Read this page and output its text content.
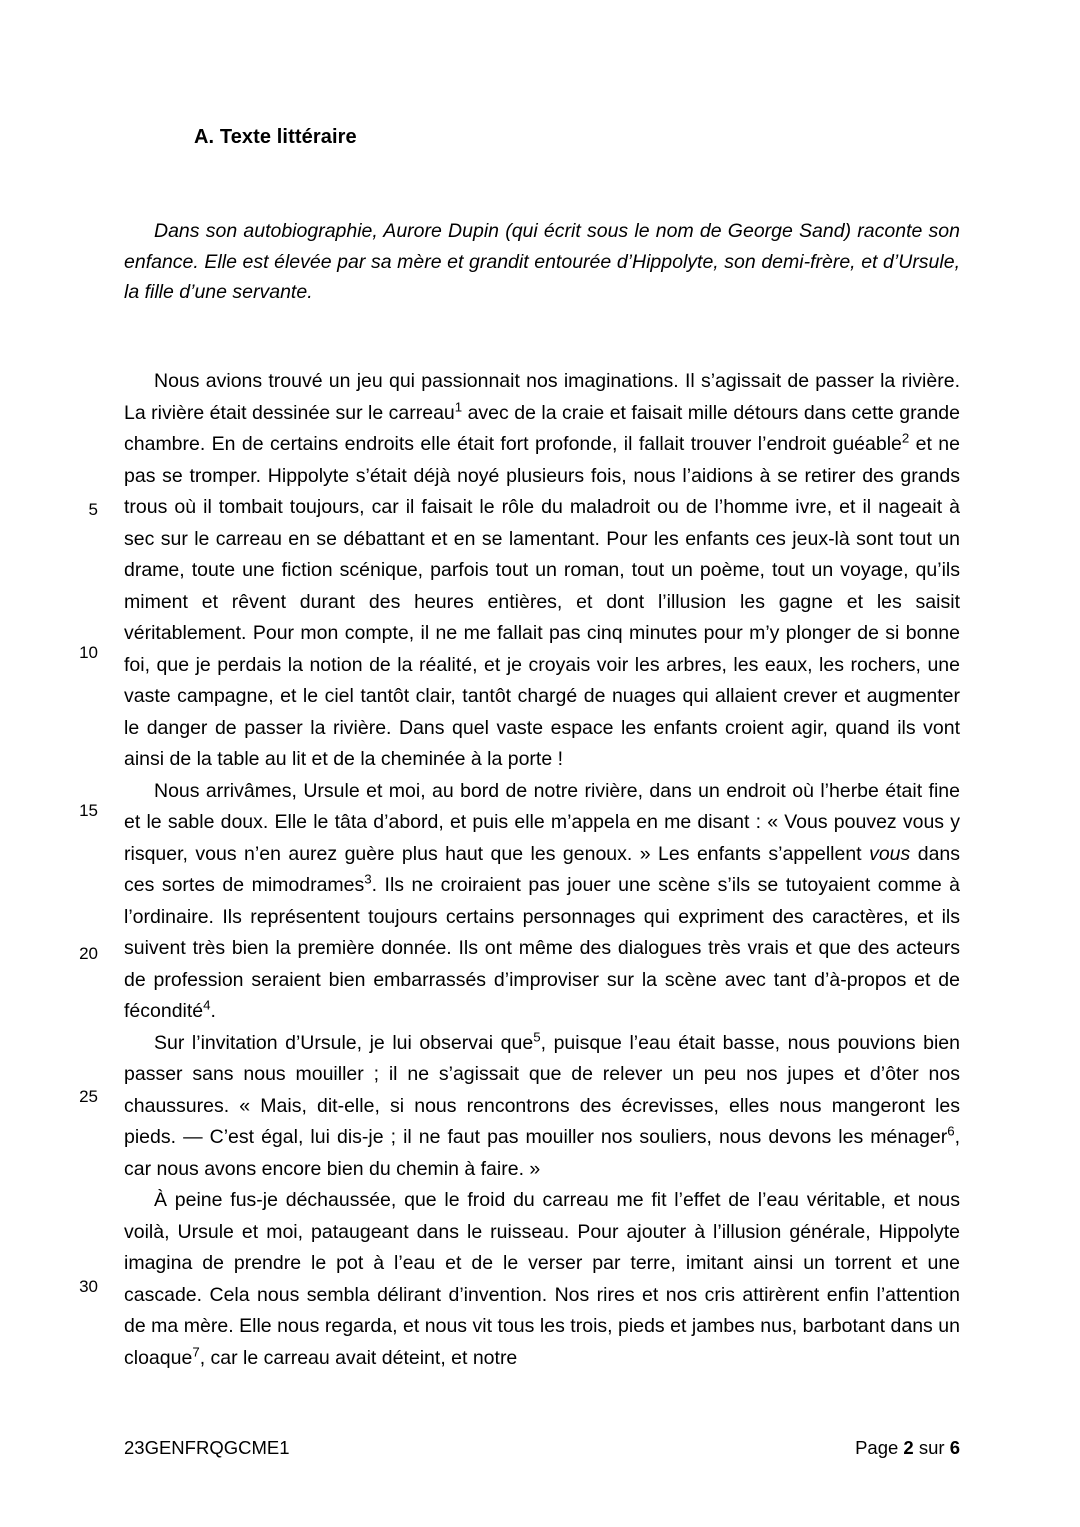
A. Texte littéraire
Dans son autobiographie, Aurore Dupin (qui écrit sous le nom de George Sand) raconte son enfance. Elle est élevée par sa mère et grandit entourée d’Hippolyte, son demi-frère, et d’Ursule, la fille d’une servante.
5
10
15
20
25
30

Nous avions trouvé un jeu qui passionnait nos imaginations. Il s’agissait de passer la rivière. La rivière était dessinée sur le carreau$^1$ avec de la craie et faisait mille détours dans cette grande chambre. En de certains endroits elle était fort profonde, il fallait trouver l’endroit guéable$^2$ et ne pas se tromper. Hippolyte s’était déjà noyé plusieurs fois, nous l’aidions à se retirer des grands trous où il tombait toujours, car il faisait le rôle du maladroit ou de l’homme ivre, et il nageait à sec sur le carreau en se débattant et en se lamentant. Pour les enfants ces jeux-là sont tout un drame, toute une fiction scénique, parfois tout un roman, tout un poème, tout un voyage, qu’ils miment et rêvent durant des heures entières, et dont l’illusion les gagne et les saisit véritablement. Pour mon compte, il ne me fallait pas cinq minutes pour m’y plonger de si bonne foi, que je perdais la notion de la réalité, et je croyais voir les arbres, les eaux, les rochers, une vaste campagne, et le ciel tantôt clair, tantôt chargé de nuages qui allaient crever et augmenter le danger de passer la rivière. Dans quel vaste espace les enfants croient agir, quand ils vont ainsi de la table au lit et de la cheminée à la porte !

Nous arrivâmes, Ursule et moi, au bord de notre rivière, dans un endroit où l’herbe était fine et le sable doux. Elle le tâta d’abord, et puis elle m’appela en me disant : « Vous pouvez vous y risquer, vous n’en aurez guère plus haut que les genoux. » Les enfants s’appellent vous dans ces sortes de mimodrames$^3$. Ils ne croiraient pas jouer une scène s’ils se tutoyaient comme à l’ordinaire. Ils représentent toujours certains personnages qui expriment des caractères, et ils suivent très bien la première donnée. Ils ont même des dialogues très vrais et que des acteurs de profession seraient bien embarrassés d’improviser sur la scène avec tant d’à-propos et de fécondité$^4$.

Sur l’invitation d’Ursule, je lui observai que$^5$, puisque l’eau était basse, nous pouvions bien passer sans nous mouiller ; il ne s’agissait que de relever un peu nos jupes et d’ôter nos chaussures. « Mais, dit-elle, si nous rencontrons des écrevisses, elles nous mangeront les pieds. — C’est égal, lui dis-je ; il ne faut pas mouiller nos souliers, nous devons les ménager$^6$, car nous avons encore bien du chemin à faire. »

À peine fus-je déchaussée, que le froid du carreau me fit l’effet de l’eau véritable, et nous voilà, Ursule et moi, pataugeant dans le ruisseau. Pour ajouter à l’illusion générale, Hippolyte imagina de prendre le pot à l’eau et de le verser par terre, imitant ainsi un torrent et une cascade. Cela nous sembla délirant d’invention. Nos rires et nos cris attirèrent enfin l’attention de ma mère. Elle nous regarda, et nous vit tous les trois, pieds et jambes nus, barbotant dans un cloaque$^7$, car le carreau avait déteint, et notre

23GENFRQGCME1	Page 2 sur 6
